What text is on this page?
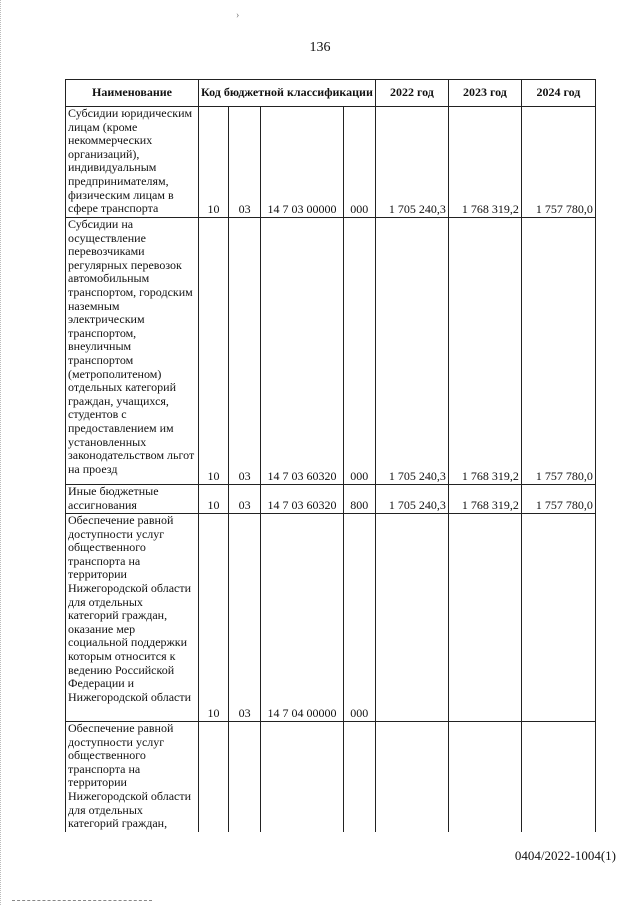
›
136
Наименование	Код бюджетной классификации				2022 год	2023 год	2024 год
Субсидии юридическим лицам (кроме некоммерческих организаций), индивидуальным предпринимателям, физическим лицам в сфере транспорта	10	03	14 7 03 00000	000	1 705 240,3	1 768 319,2	1 757 780,0
Субсидии на осуществление перевозчиками регулярных перевозок автомобильным транспортом, городским наземным электрическим транспортом, внеуличным транспортом (метрополитеном) отдельных категорий граждан, учащихся, студентов с предоставлением им установленных законодательством льгот на проезд	10	03	14 7 03 60320	000	1 705 240,3	1 768 319,2	1 757 780,0
Иные бюджетные ассигнования	10	03	14 7 03 60320	800	1 705 240,3	1 768 319,2	1 757 780,0
Обеспечение равной доступности услуг общественного транспорта на территории Нижегородской области для отдельных категорий граждан, оказание мер социальной поддержки которым относится к ведению Российской Федерации и Нижегородской области	10	03	14 7 04 00000	000			
Обеспечение равной доступности услуг общественного транспорта на территории Нижегородской области для отдельных категорий граждан,							
0404/2022-1004(1)
